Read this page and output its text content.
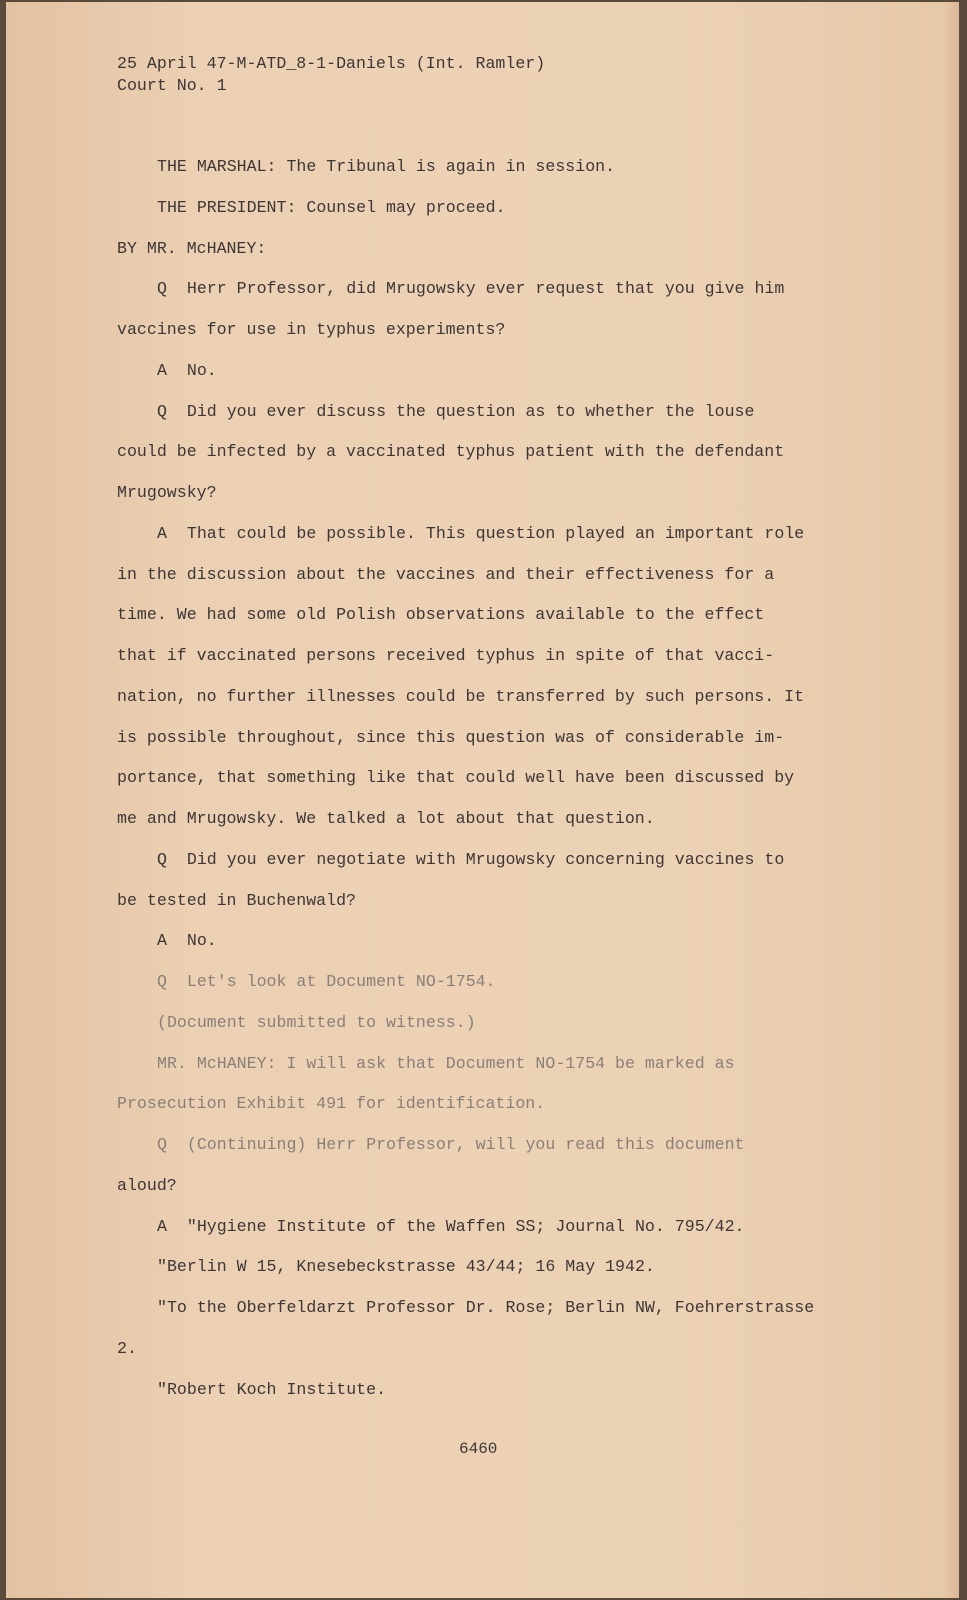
25 April 47-M-ATD_8-1-Daniels (Int. Ramler)
Court No. 1
THE MARSHAL: The Tribunal is again in session.
THE PRESIDENT: Counsel may proceed.
BY MR. McHANEY:
Q  Herr Professor, did Mrugowsky ever request that you give him
vaccines for use in typhus experiments?
A  No.
Q  Did you ever discuss the question as to whether the louse
could be infected by a vaccinated typhus patient with the defendant
Mrugowsky?
A  That could be possible. This question played an important role
in the discussion about the vaccines and their effectiveness for a
time. We had some old Polish observations available to the effect
that if vaccinated persons received typhus in spite of that vacci-
nation, no further illnesses could be transferred by such persons. It
is possible throughout, since this question was of considerable im-
portance, that something like that could well have been discussed by
me and Mrugowsky. We talked a lot about that question.
Q  Did you ever negotiate with Mrugowsky concerning vaccines to
be tested in Buchenwald?
A  No.
Q  Let's look at Document NO-1754.
(Document submitted to witness.)
MR. McHANEY: I will ask that Document NO-1754 be marked as
Prosecution Exhibit 491 for identification.
Q  (Continuing) Herr Professor, will you read this document
aloud?
A  "Hygiene Institute of the Waffen SS; Journal No. 795/42.
"Berlin W 15, Knesebeckstrasse 43/44; 16 May 1942.
"To the Oberfeldarzt Professor Dr. Rose; Berlin NW, Foehrerstrasse
2.
"Robert Koch Institute.
6460
